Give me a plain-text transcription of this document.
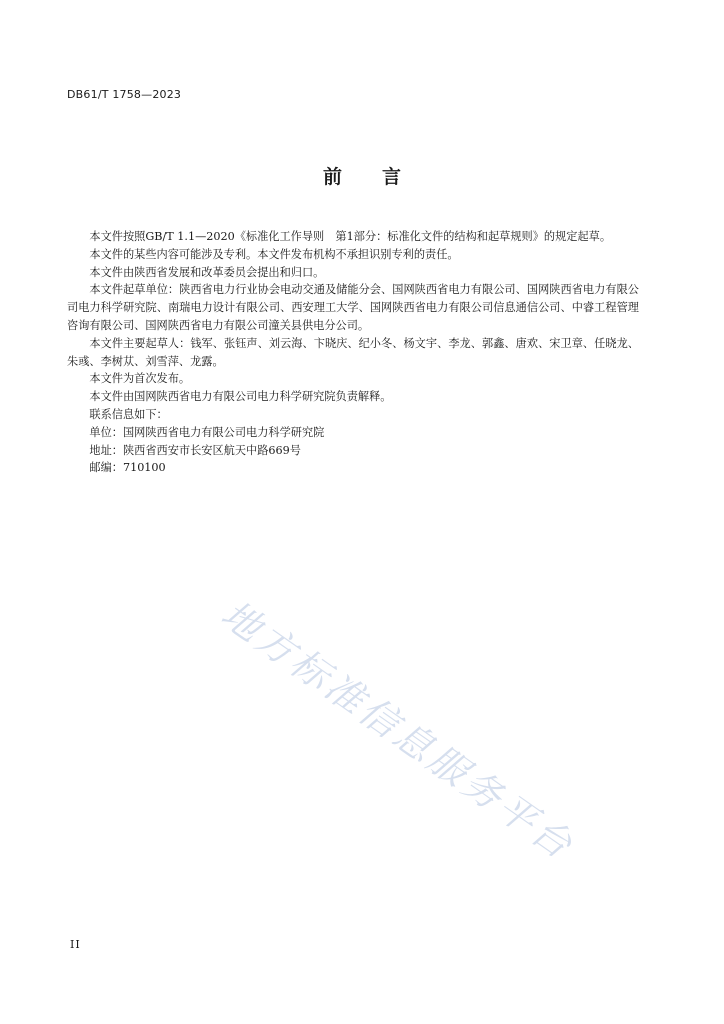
DB61/T 1758—2023
前言

本文件按照GB/T 1.1—2020《标准化工作导则　第1部分：标准化文件的结构和起草规则》的规定起草。

本文件的某些内容可能涉及专利。本文件发布机构不承担识别专利的责任。

本文件由陕西省发展和改革委员会提出和归口。

本文件起草单位：陕西省电力行业协会电动交通及储能分会、国网陕西省电力有限公司、国网陕西省电力有限公司电力科学研究院、南瑞电力设计有限公司、西安理工大学、国网陕西省电力有限公司信息通信公司、中睿工程管理咨询有限公司、国网陕西省电力有限公司潼关县供电分公司。

本文件主要起草人：钱军、张钰声、刘云海、卞晓庆、纪小冬、杨文宇、李龙、郭鑫、唐欢、宋卫章、任晓龙、朱彧、李树苁、刘雪萍、龙露。

本文件为首次发布。

本文件由国网陕西省电力有限公司电力科学研究院负责解释。

联系信息如下：

单位：国网陕西省电力有限公司电力科学研究院

地址：陕西省西安市长安区航天中路669号

邮编：710100

地方标准信息服务平台
II
